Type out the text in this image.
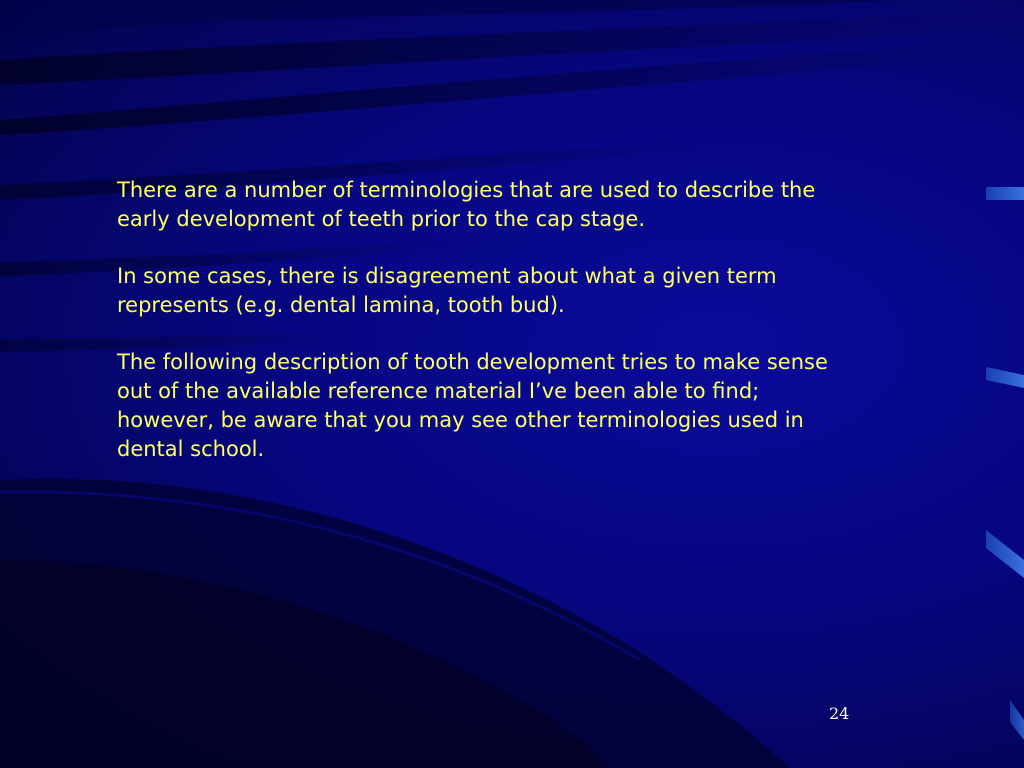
There are a number of terminologies that are used to describe the
early development of teeth prior to the cap stage.

In some cases, there is disagreement about what a given term
represents (e.g. dental lamina, tooth bud).

The following description of tooth development tries to make sense
out of the available reference material I’ve been able to find;
however, be aware that you may see other terminologies used in
dental school.

24
